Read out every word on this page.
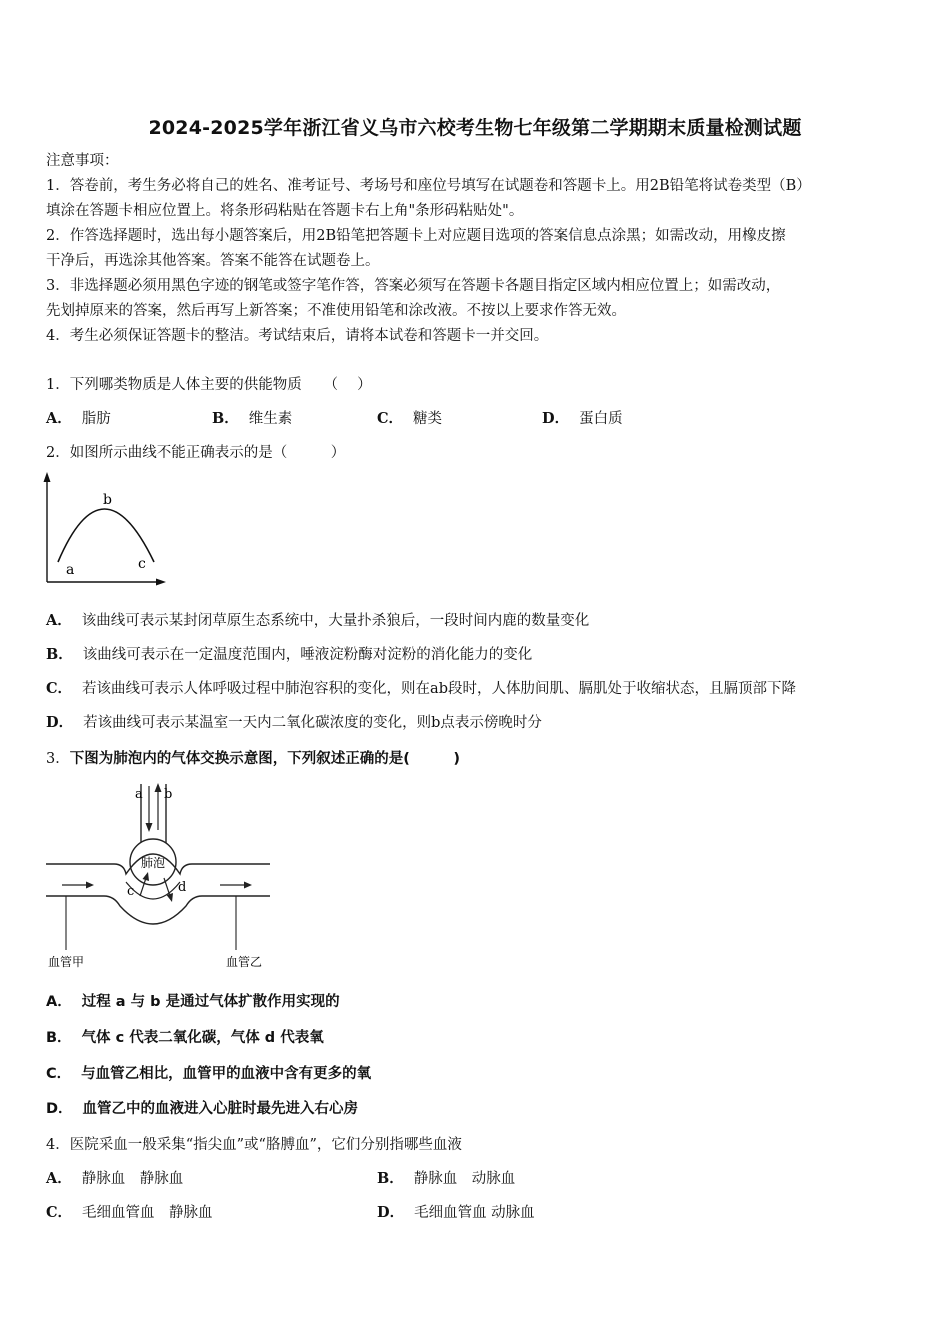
2024-2025学年浙江省义乌市六校考生物七年级第二学期期末质量检测试题
注意事项：
1．答卷前，考生务必将自己的姓名、准考证号、考场号和座位号填写在试题卷和答题卡上。用2B铅笔将试卷类型（B）
填涂在答题卡相应位置上。将条形码粘贴在答题卡右上角"条形码粘贴处"。
2．作答选择题时，选出每小题答案后，用2B铅笔把答题卡上对应题目选项的答案信息点涂黑；如需改动，用橡皮擦
干净后，再选涂其他答案。答案不能答在试题卷上。
3．非选择题必须用黑色字迹的钢笔或签字笔作答，答案必须写在答题卡各题目指定区域内相应位置上；如需改动，
先划掉原来的答案，然后再写上新答案；不准使用铅笔和涂改液。不按以上要求作答无效。
4．考生必须保证答题卡的整洁。考试结束后，请将本试卷和答题卡一并交回。
1．下列哪类物质是人体主要的供能物质　　（　 ）
A． 脂肪	B． 维生素	C． 糖类	D． 蛋白质
2．如图所示曲线不能正确表示的是（　　　）
a
b
c
A． 该曲线可表示某封闭草原生态系统中，大量扑杀狼后，一段时间内鹿的数量变化
B． 该曲线可表示在一定温度范围内，唾液淀粉酶对淀粉的消化能力的变化
C． 若该曲线可表示人体呼吸过程中肺泡容积的变化，则在ab段时，人体肋间肌、膈肌处于收缩状态，且膈顶部下降
D． 若该曲线可表示某温室一天内二氧化碳浓度的变化，则b点表示傍晚时分
3．下图为肺泡内的气体交换示意图，下列叙述正确的是(　　　)
a b
肺泡
c	d
血管甲	血管乙
A． 过程 a 与 b 是通过气体扩散作用实现的
B． 气体 c 代表二氧化碳，气体 d 代表氧
C． 与血管乙相比，血管甲的血液中含有更多的氧
D． 血管乙中的血液进入心脏时最先进入右心房
4．医院采血一般采集“指尖血”或“胳膊血”，它们分别指哪些血液
A． 静脉血　静脉血	B． 静脉血　动脉血
C． 毛细血管血　静脉血	D． 毛细血管血 动脉血
